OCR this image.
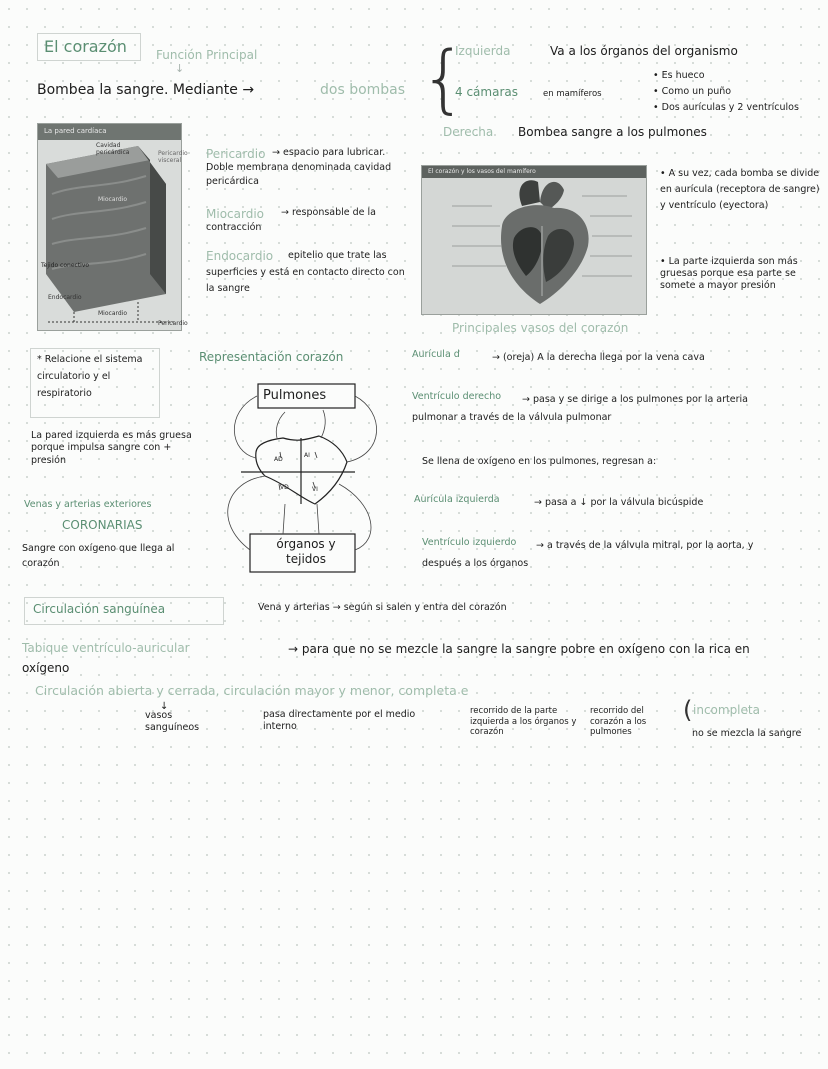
El corazón Función Principal
↓
Bombea la sangre. Mediante →	dos bombas {
Izquierda	Va a los órganos del organismo
4 cámaras	en mamíferos
• Es hueco
• Como un puño
• Dos aurículas y 2 ventrículos
Derecha Bombea sangre a los pulmones
La pared cardíaca
Cavidad pericárdica	Pericardio visceral
Miocardio
Tejido conectivo
Endocardio
Miocardio
Pericardio
Pericardio → espacio para lubricar. Doble membrana denominada cavidad pericárdica
Miocardio	→ responsable de la contracción
Endocardio	epitelio que trate las superficies y está en contacto directo con la sangre
El corazón y los vasos del mamífero
Principales vasos del corazón
• A su vez, cada bomba se divide en aurícula (receptora de sangre) y ventrículo (eyectora)
• La parte izquierda son más gruesas porque esa parte se somete a mayor presión
* Relacione el sistema circulatorio y el respiratorio
La pared izquierda es más gruesa porque impulsa sangre con + presión
Venas y arterias exteriores
CORONARIAS
Sangre con oxígeno que llega al corazón
Representación corazón
Pulmones
órganos y tejidos
AD
AI
VD	VI
Aurícula d	→ (oreja) A la derecha llega por la vena cava
Ventrículo derecho	→ pasa y se dirige a los pulmones por la arteria pulmonar a través de la válvula pulmonar
Se llena de oxígeno en los pulmones, regresan a:
Aurícula izquierda	→ pasa a ↓ por la válvula bicúspide
Ventrículo izquierdo	→ a través de la válvula mitral, por la aorta, y después a los órganos
Circulación sanguínea	Vena y arterias → según si salen y entra del corazón
Tabique ventrículo-auricular	→ para que no se mezcle la sangre la sangre pobre en oxígeno con la rica en oxígeno
Circulación abierta y cerrada, circulación mayor y menor, completa e
( incompleta
↓
vasos sanguíneos
pasa directamente por el medio interno
recorrido de la parte izquierda a los órganos y corazón
recorrido del corazón a los pulmones	no se mezcla la sangre
